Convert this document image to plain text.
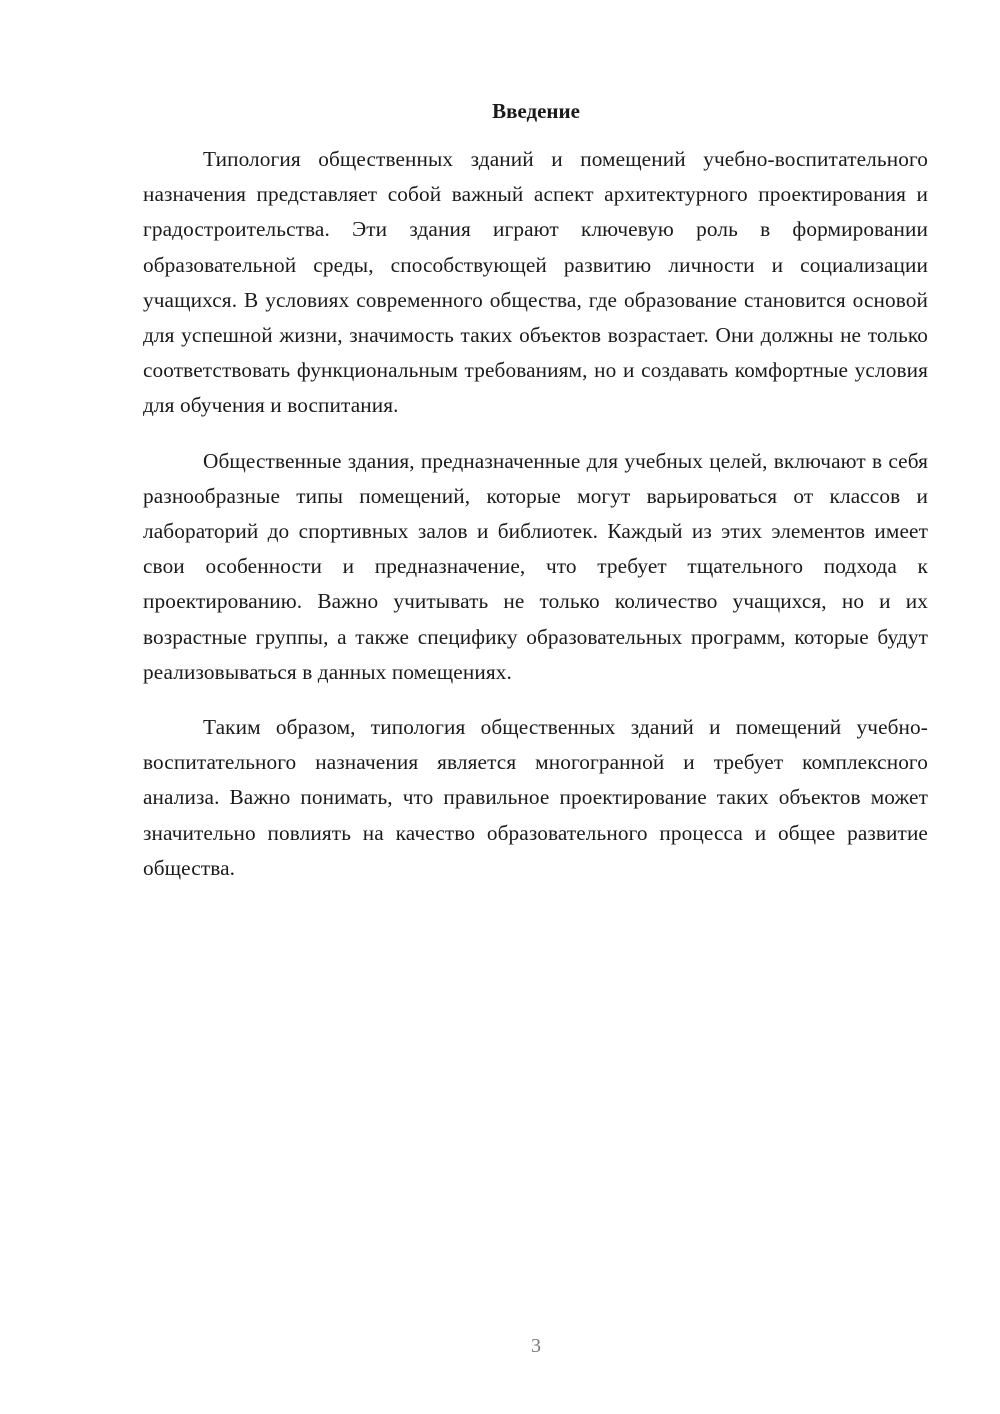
Введение

Типология общественных зданий и помещений учебно-воспитательного назначения представляет собой важный аспект архитектурного проектирования и градостроительства. Эти здания играют ключевую роль в формировании образовательной среды, способствующей развитию личности и социализации учащихся. В условиях современного общества, где образование становится основой для успешной жизни, значимость таких объектов возрастает. Они должны не только соответствовать функциональным требованиям, но и создавать комфортные условия для обучения и воспитания.

Общественные здания, предназначенные для учебных целей, включают в себя разнообразные типы помещений, которые могут варьироваться от классов и лабораторий до спортивных залов и библиотек. Каждый из этих элементов имеет свои особенности и предназначение, что требует тщательного подхода к проектированию. Важно учитывать не только количество учащихся, но и их возрастные группы, а также специфику образовательных программ, которые будут реализовываться в данных помещениях.

Таким образом, типология общественных зданий и помещений учебно-воспитательного назначения является многогранной и требует комплексного анализа. Важно понимать, что правильное проектирование таких объектов может значительно повлиять на качество образовательного процесса и общее развитие общества.

3
